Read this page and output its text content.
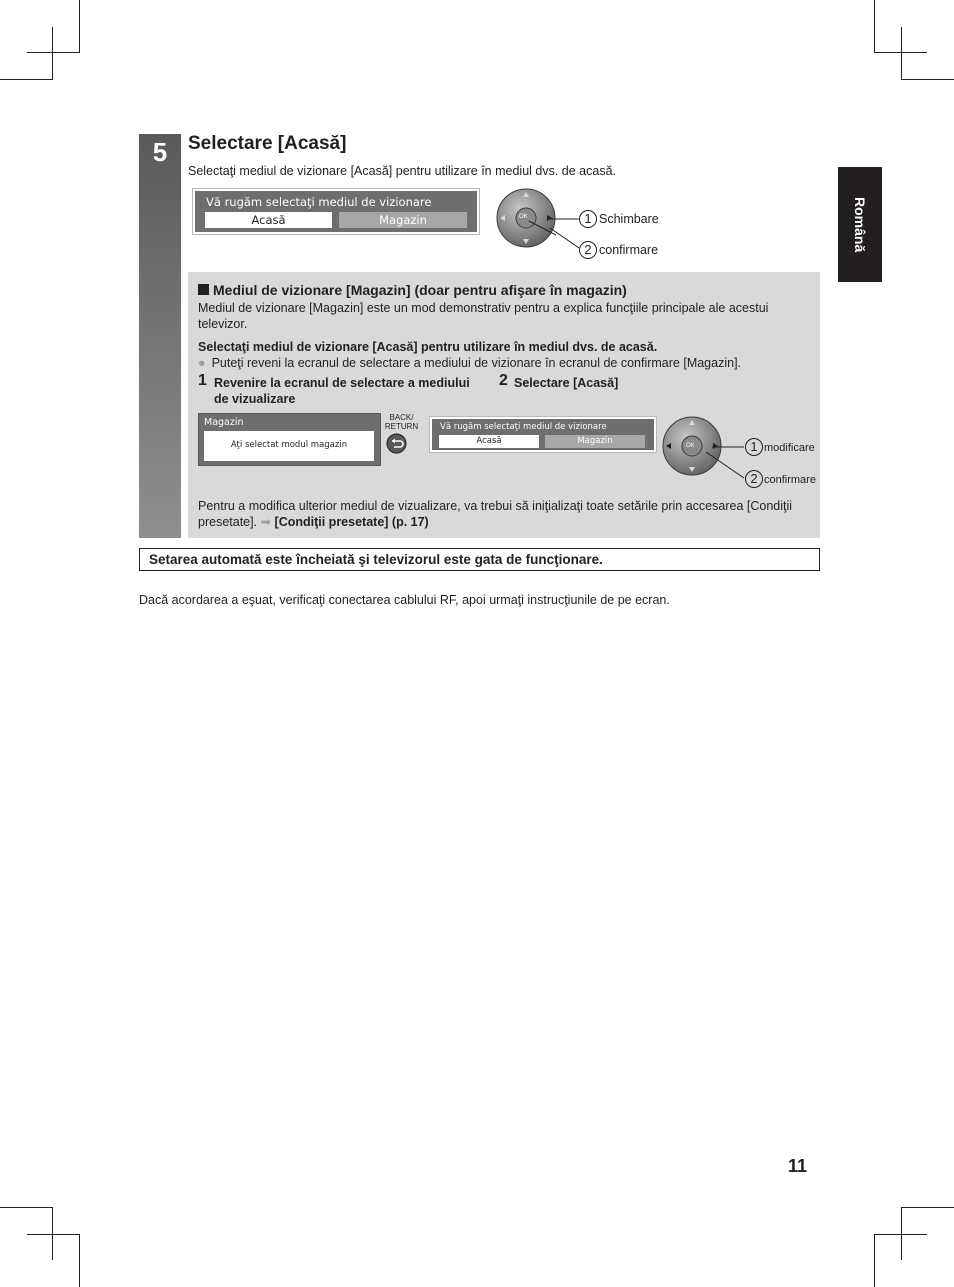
Română
5	Selectare [Acasă]
Selectaţi mediul de vizionare [Acasă] pentru utilizare în mediul dvs. de acasă.
Vă rugăm selectaţi mediul de vizionare
Acasă	Magazin	OK	1 Schimbare
2 confirmare
Mediul de vizionare [Magazin] (doar pentru afişare în magazin)
Mediul de vizionare [Magazin] este un mod demonstrativ pentru a explica funcţiile principale ale acestui televizor.
Selectaţi mediul de vizionare [Acasă] pentru utilizare în mediul dvs. de acasă.
● Puteţi reveni la ecranul de selectare a mediului de vizionare în ecranul de confirmare [Magazin].
1 Revenire la ecranul de selectare a mediului de vizualizare
2 Selectare [Acasă]
Magazin
Aţi selectat modul magazin
BACK/ RETURN	Vă rugăm selectaţi mediul de vizionare
Acasă	Magazin	OK	1 modificare
2 confirmare
Pentru a modifica ulterior mediul de vizualizare, va trebui să iniţializaţi toate setările prin accesarea [Condiţii presetate]. ➡ [Condiţii presetate] (p. 17)
Setarea automată este încheiată şi televizorul este gata de funcţionare.
Dacă acordarea a eşuat, verificaţi conectarea cablului RF, apoi urmaţi instrucţiunile de pe ecran.
11
